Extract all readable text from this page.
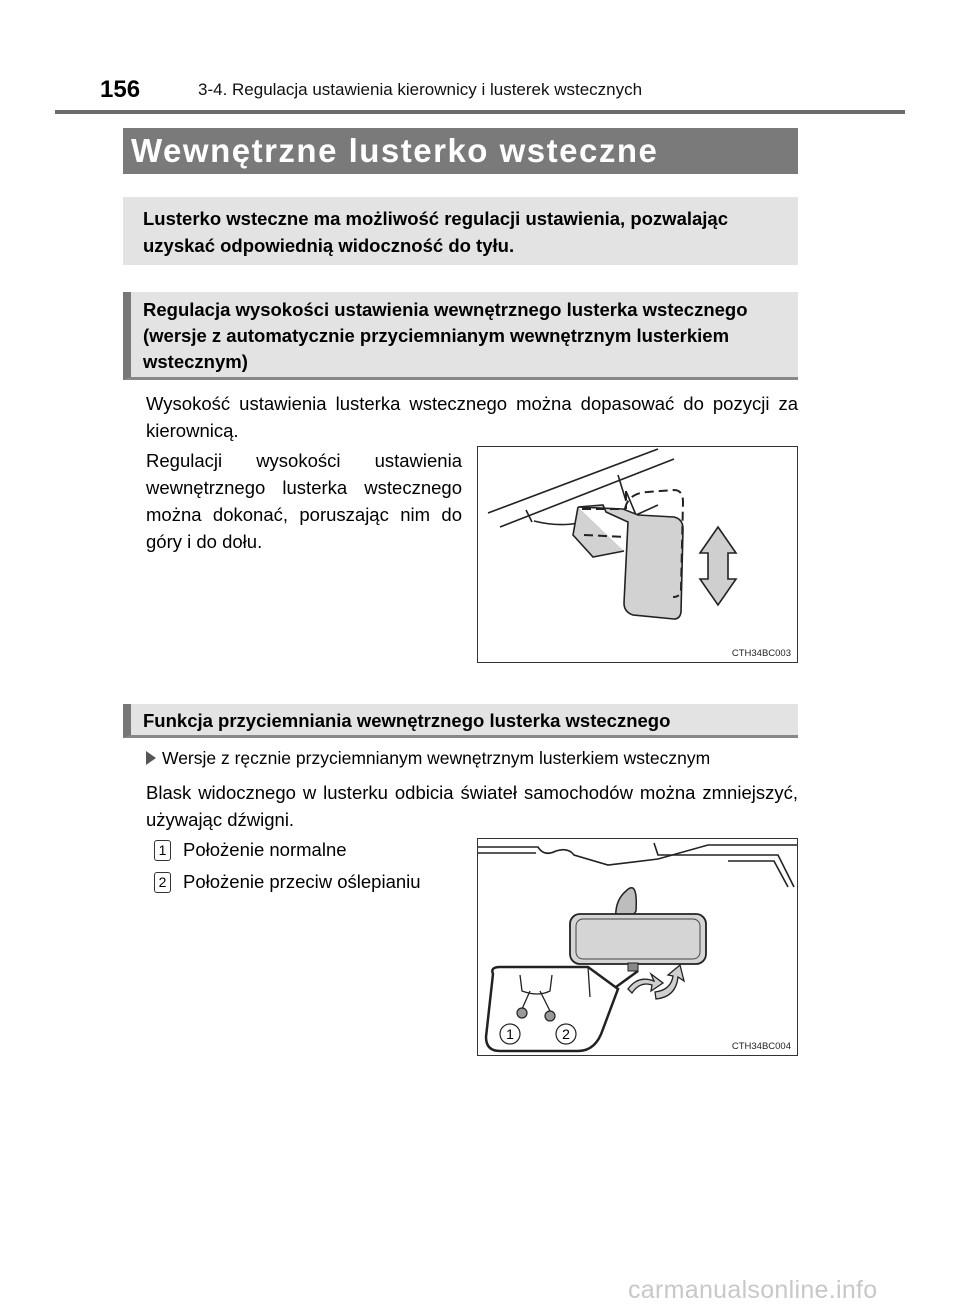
156	3-4. Regulacja ustawienia kierownicy i lusterek wstecznych
Wewnętrzne lusterko wsteczne
Lusterko wsteczne ma możliwość regulacji ustawienia, pozwalając uzyskać odpowiednią widoczność do tyłu.
Regulacja wysokości ustawienia wewnętrznego lusterka wstecznego (wersje z automatycznie przyciemnianym wewnętrznym lusterkiem wstecznym)
Wysokość ustawienia lusterka wstecznego można dopasować do pozycji za kierownicą.
Regulacji wysokości ustawienia wewnętrznego lusterka wstecznego można dokonać, poruszając nim do góry i do dołu.
CTH34BC003
Funkcja przyciemniania wewnętrznego lusterka wstecznego
Wersje z ręcznie przyciemnianym wewnętrznym lusterkiem wstecznym
Blask widocznego w lusterku odbicia świateł samochodów można zmniejszyć, używając dźwigni.
1 Położenie normalne
2 Położenie przeciw oślepianiu
1	2
CTH34BC004
carmanualsonline.info
